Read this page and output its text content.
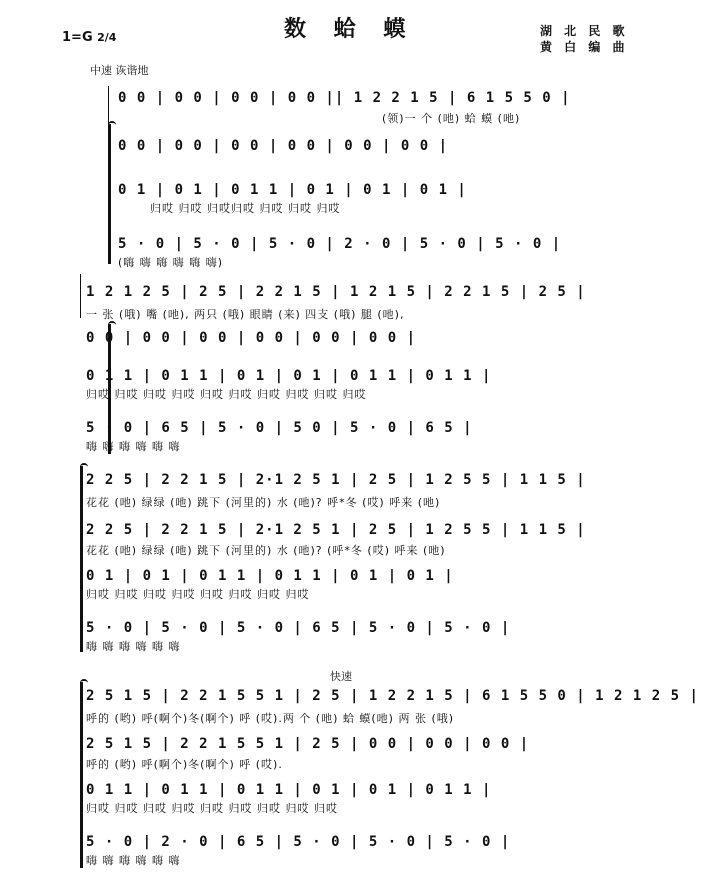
1=G 2/4	数 蛤 蟆	湖 北 民 歌
黄 白 编 曲
中速 诙谐地
0 0 | 0 0 | 0 0 | 0 0 || 1 2 2 1 5 | 6 1 5 5 0 |
(领)一 个 (吔) 蛤 蟆 (吔)
0 0 | 0 0 | 0 0 | 0 0 | 0 0 | 0 0 |
0 1 | 0 1 | 0 1 1 | 0 1 | 0 1 | 0 1 |
归哎 归哎 归哎归哎 归哎 归哎 归哎
5 · 0 | 5 · 0 | 5 · 0 | 2 · 0 | 5 · 0 | 5 · 0 |
(嗨 嗨 嗨 嗨 嗨 嗨)
1 2 1 2 5 | 2 5 | 2 2 1 5 | 1 2 1 5 | 2 2 1 5 | 2 5 |
一 张 (哦) 嘴 (吔), 两只 (哦) 眼睛 (来) 四支 (哦) 腿 (吔),
0 0 | 0 0 | 0 0 | 0 0 | 0 0 | 0 0 |
0 1 1 | 0 1 1 | 0 1 | 0 1 | 0 1 1 | 0 1 1 |
归哎 归哎 归哎 归哎 归哎 归哎 归哎 归哎 归哎 归哎
5 · 0 | 6 5 | 5 · 0 | 5 0 | 5 · 0 | 6 5 |
嗨 嗨 嗨 嗨 嗨 嗨
2 2 5 | 2 2 1 5 | 2·1 2 5 1 | 2 5 | 1 2 5 5 | 1 1 5 |
花花 (吔) 绿绿 (吔) 跳下 (河里的) 水 (吔)? 呼*冬 (哎) 呼来 (吔)
2 2 5 | 2 2 1 5 | 2·1 2 5 1 | 2 5 | 1 2 5 5 | 1 1 5 |
花花 (吔) 绿绿 (吔) 跳下 (河里的) 水 (吔)? (呼*冬 (哎) 呼来 (吔)
0 1 | 0 1 | 0 1 1 | 0 1 1 | 0 1 | 0 1 |
归哎 归哎 归哎 归哎 归哎 归哎 归哎 归哎
5 · 0 | 5 · 0 | 5 · 0 | 6 5 | 5 · 0 | 5 · 0 |
嗨 嗨 嗨 嗨 嗨 嗨
快速
2 5 1 5 | 2 2 1 5 5 1 | 2 5 | 1 2 2 1 5 | 6 1 5 5 0 | 1 2 1 2 5 |
呼的 (哟) 呼(啊个)冬(啊个) 呼 (哎).两 个 (吔) 蛤 蟆(吔) 两 张 (哦)
2 5 1 5 | 2 2 1 5 5 1 | 2 5 | 0 0 | 0 0 | 0 0 |
呼的 (哟) 呼(啊个)冬(啊个) 呼 (哎).
0 1 1 | 0 1 1 | 0 1 1 | 0 1 | 0 1 | 0 1 1 |
归哎 归哎 归哎 归哎 归哎 归哎 归哎 归哎 归哎
5 · 0 | 2 · 0 | 6 5 | 5 · 0 | 5 · 0 | 5 · 0 |
嗨 嗨 嗨 嗨 嗨 嗨
